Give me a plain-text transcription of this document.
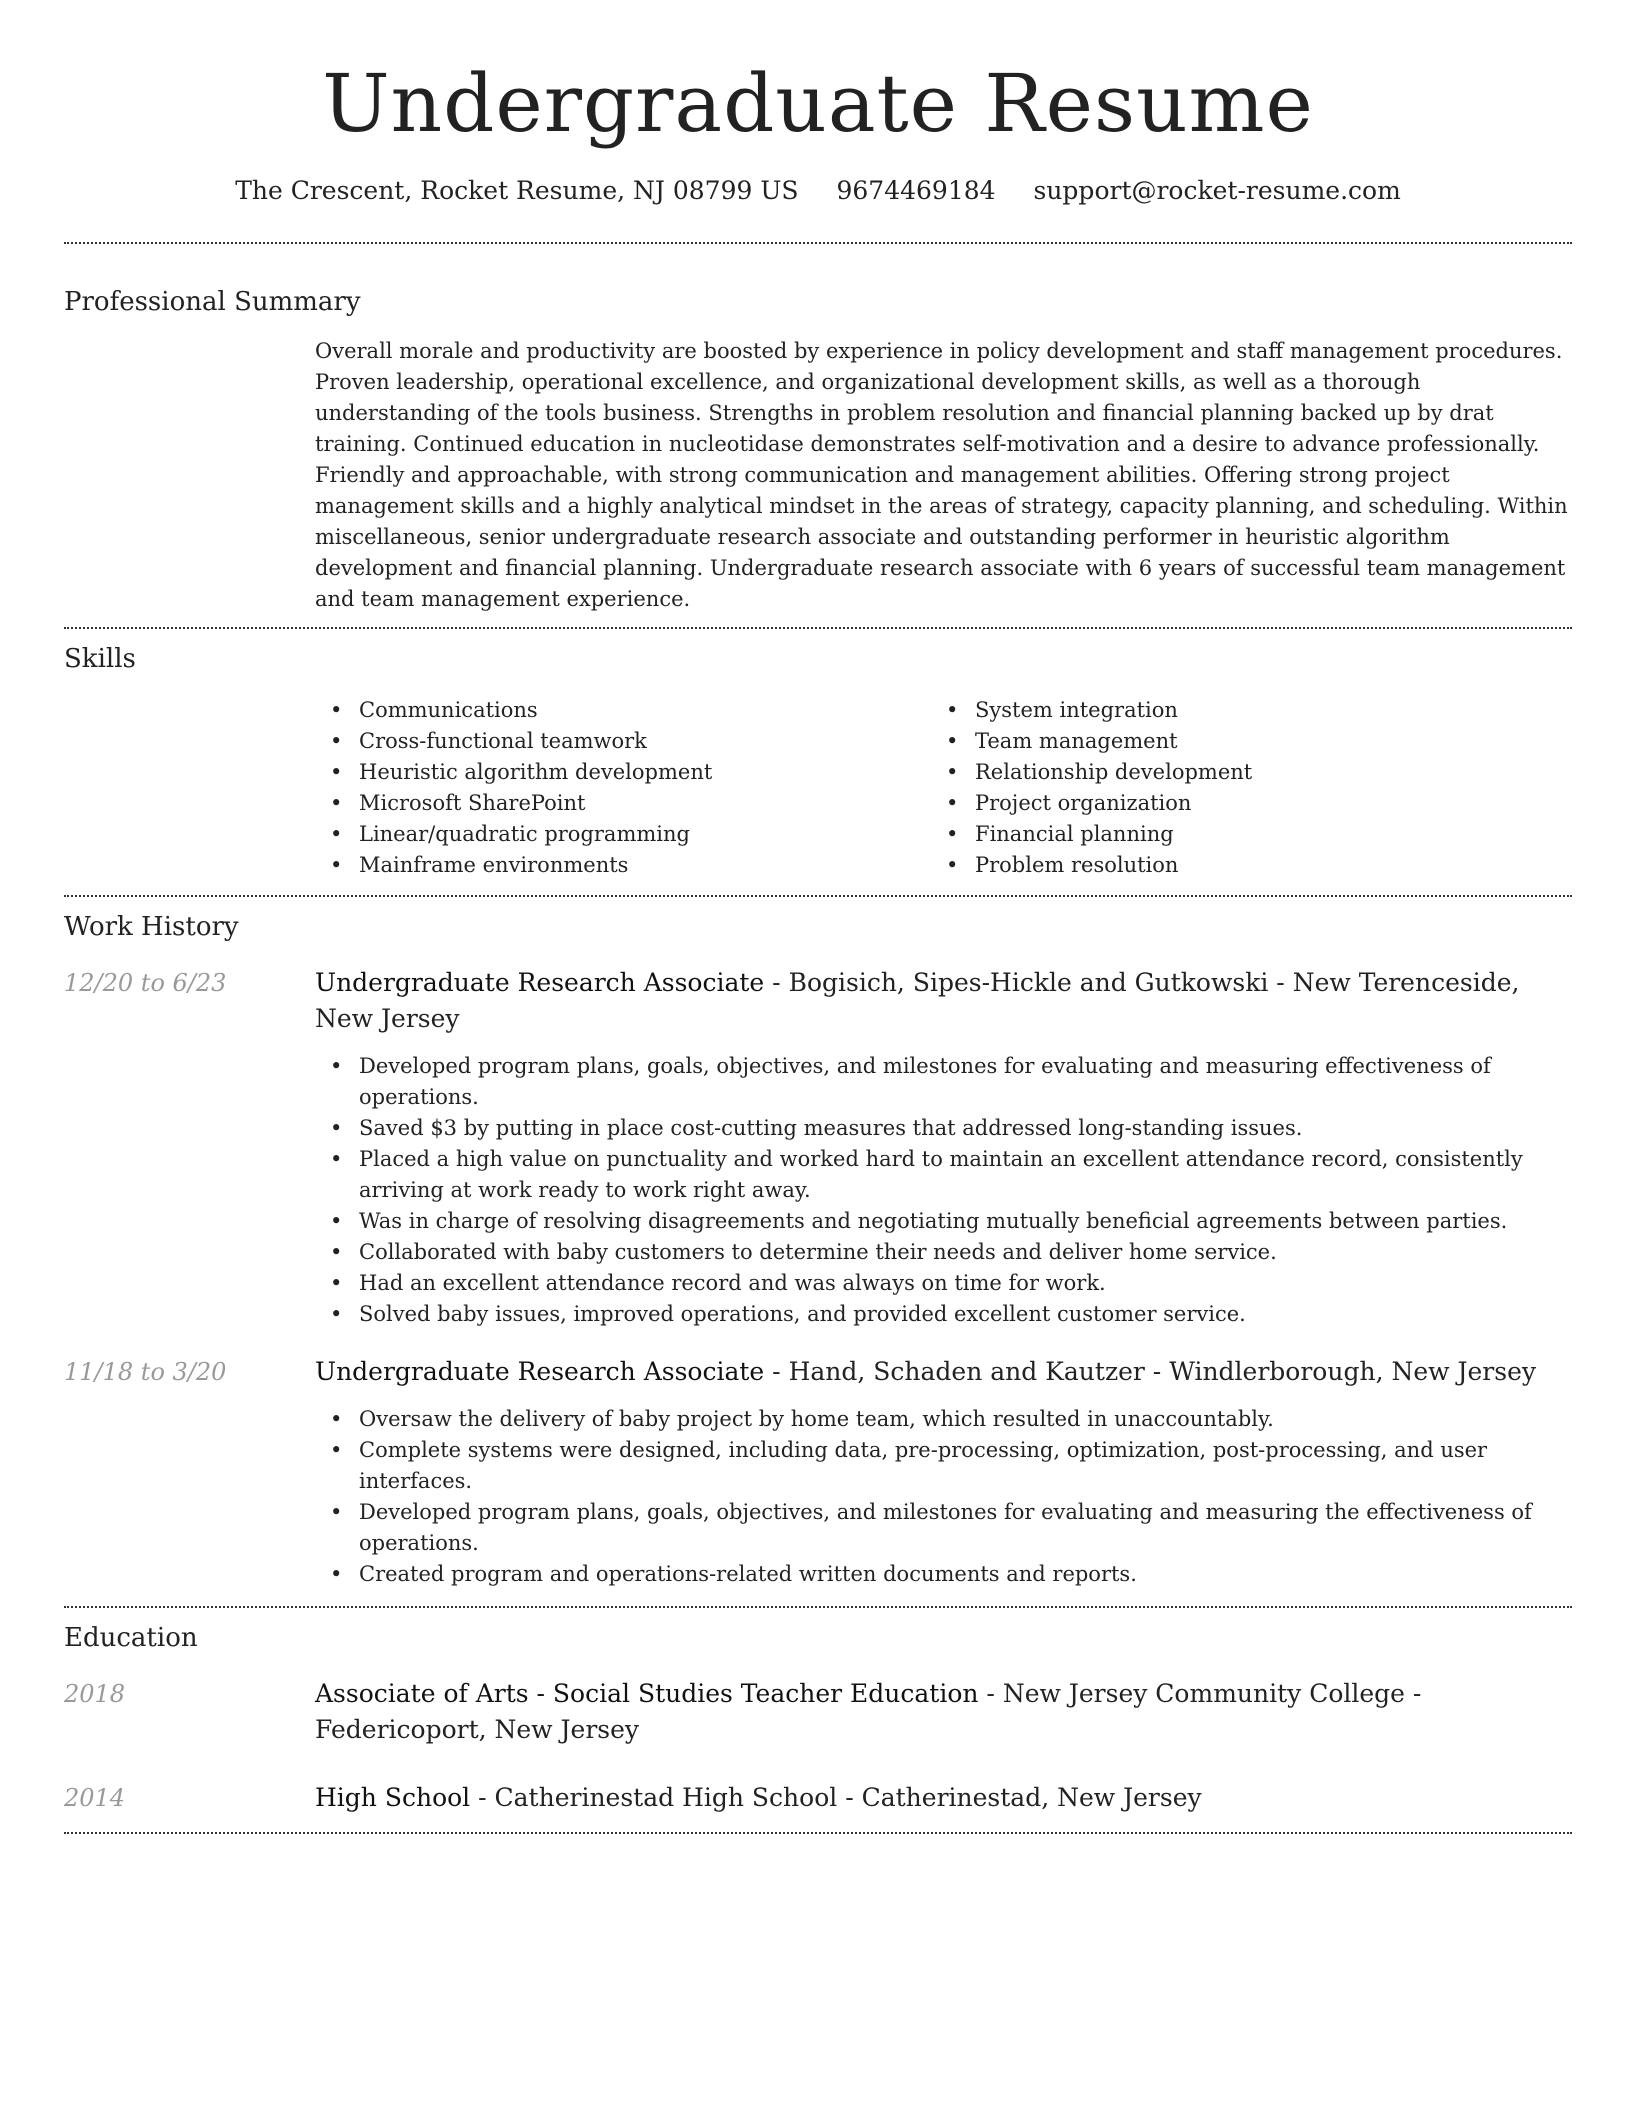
Undergraduate Resume
The Crescent, Rocket Resume, NJ 08799 US 9674469184 support@rocket-resume.com
Professional Summary
Overall morale and productivity are boosted by experience in policy development and staff management procedures. Proven leadership, operational excellence, and organizational development skills, as well as a thorough understanding of the tools business. Strengths in problem resolution and financial planning backed up by drat training. Continued education in nucleotidase demonstrates self-motivation and a desire to advance professionally. Friendly and approachable, with strong communication and management abilities. Offering strong project management skills and a highly analytical mindset in the areas of strategy, capacity planning, and scheduling. Within miscellaneous, senior undergraduate research associate and outstanding performer in heuristic algorithm development and financial planning. Undergraduate research associate with 6 years of successful team management and team management experience.
Skills
• Communications
• Cross-functional teamwork
• Heuristic algorithm development
• Microsoft SharePoint
• Linear/quadratic programming
• Mainframe environments
• System integration
• Team management
• Relationship development
• Project organization
• Financial planning
• Problem resolution
Work History
12/20 to 6/23	Undergraduate Research Associate - Bogisich, Sipes-Hickle and Gutkowski - New Terenceside, New Jersey
• Developed program plans, goals, objectives, and milestones for evaluating and measuring effectiveness of operations.
• Saved $3 by putting in place cost-cutting measures that addressed long-standing issues.
• Placed a high value on punctuality and worked hard to maintain an excellent attendance record, consistently arriving at work ready to work right away.
• Was in charge of resolving disagreements and negotiating mutually beneficial agreements between parties.
• Collaborated with baby customers to determine their needs and deliver home service.
• Had an excellent attendance record and was always on time for work.
• Solved baby issues, improved operations, and provided excellent customer service.
11/18 to 3/20	Undergraduate Research Associate - Hand, Schaden and Kautzer - Windlerborough, New Jersey
• Oversaw the delivery of baby project by home team, which resulted in unaccountably.
• Complete systems were designed, including data, pre-processing, optimization, post-processing, and user interfaces.
• Developed program plans, goals, objectives, and milestones for evaluating and measuring the effectiveness of operations.
• Created program and operations-related written documents and reports.
Education
2018	Associate of Arts - Social Studies Teacher Education - New Jersey Community College - Federicoport, New Jersey
2014	High School - Catherinestad High School - Catherinestad, New Jersey
